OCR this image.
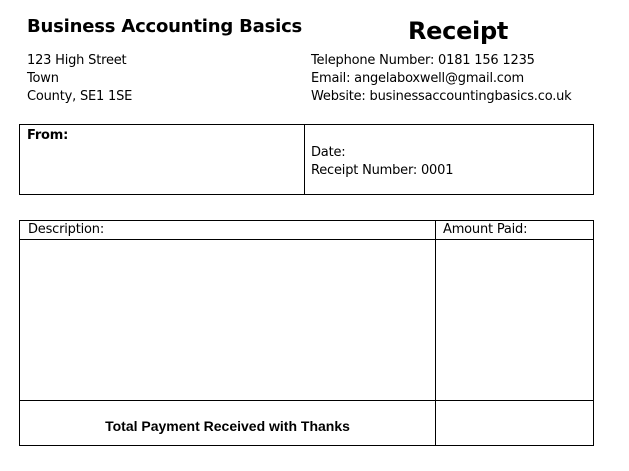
Business Accounting Basics	Receipt
123 High Street
Town
County, SE1 1SE
Telephone Number: 0181 156 1235
Email: angelaboxwell@gmail.com
Website: businessaccountingbasics.co.uk
From:
Date:
Receipt Number: 0001
Description:	Amount Paid:
Total Payment Received with Thanks
